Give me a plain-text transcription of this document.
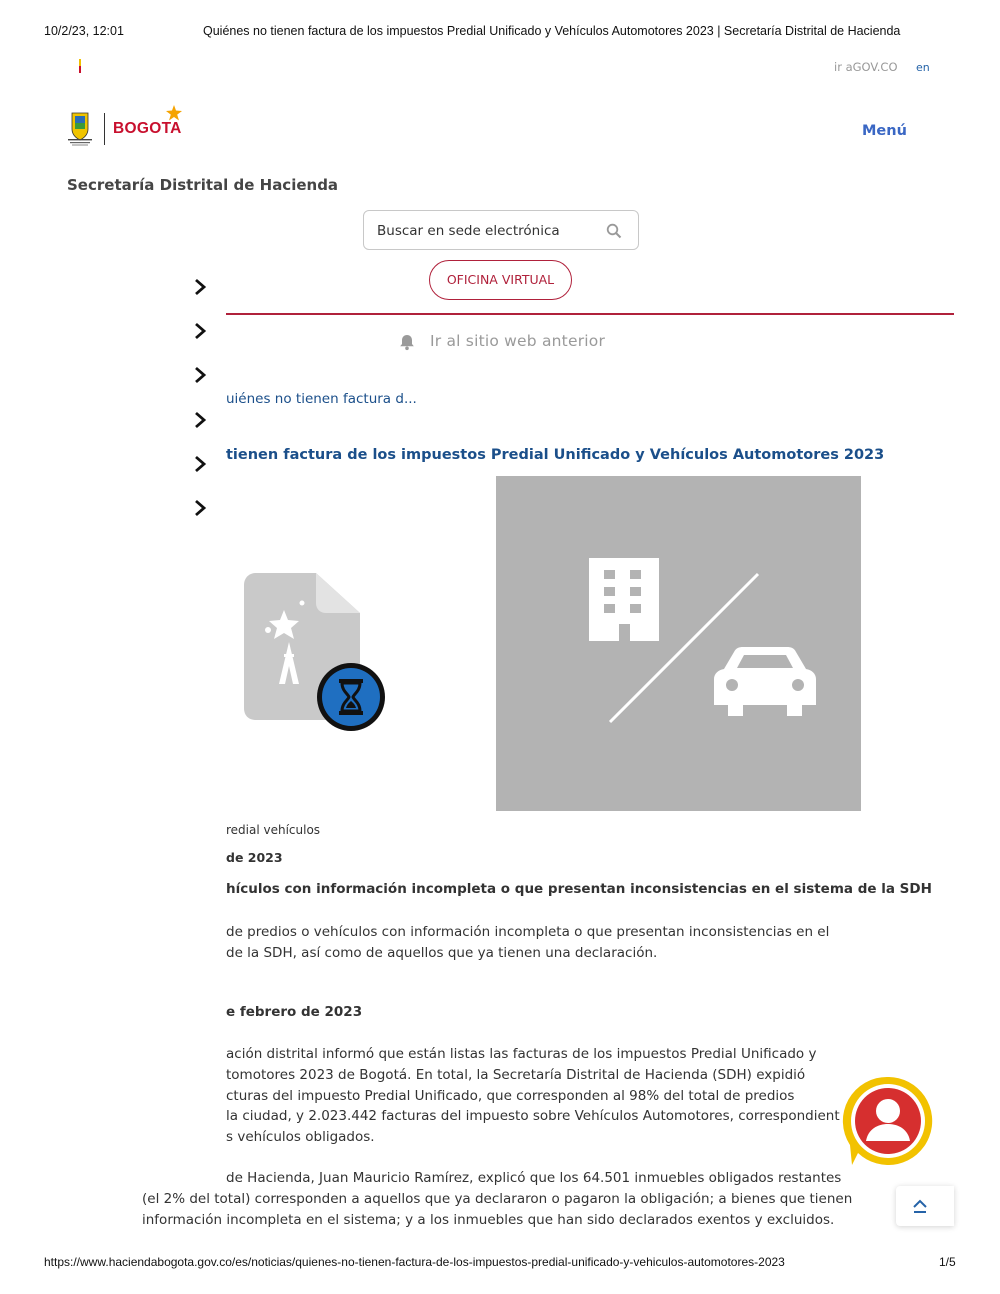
10/2/23, 12:01	Quiénes no tienen factura de los impuestos Predial Unificado y Vehículos Automotores 2023 | Secretaría Distrital de Hacienda
ir aGOV.CO en
BOGOTA	Menú
Secretaría Distrital de Hacienda
Buscar en sede electrónica
OFICINA VIRTUAL
Ir al sitio web anterior
uiénes no tienen factura d...
tienen factura de los impuestos Predial Unificado y Vehículos Automotores 2023
redial vehículos
de 2023
hículos con información incompleta o que presentan inconsistencias en el sistema de la SDH
de predios o vehículos con información incompleta o que presentan inconsistencias en el
de la SDH, así como de aquellos que ya tienen una declaración.
e febrero de 2023
ación distrital informó que están listas las facturas de los impuestos Predial Unificado y
tomotores 2023 de Bogotá. En total, la Secretaría Distrital de Hacienda (SDH) expidió
cturas del impuesto Predial Unificado, que corresponden al 98% del total de predios
la ciudad, y 2.023.442 facturas del impuesto sobre Vehículos Automotores, correspondient
s vehículos obligados.
de Hacienda, Juan Mauricio Ramírez, explicó que los 64.501 inmuebles obligados restantes
(el 2% del total) corresponden a aquellos que ya declararon o pagaron la obligación; a bienes que tienen
información incompleta en el sistema; y a los inmuebles que han sido declarados exentos y excluidos.
https://www.haciendabogota.gov.co/es/noticias/quienes-no-tienen-factura-de-los-impuestos-predial-unificado-y-vehiculos-automotores-2023	1/5
